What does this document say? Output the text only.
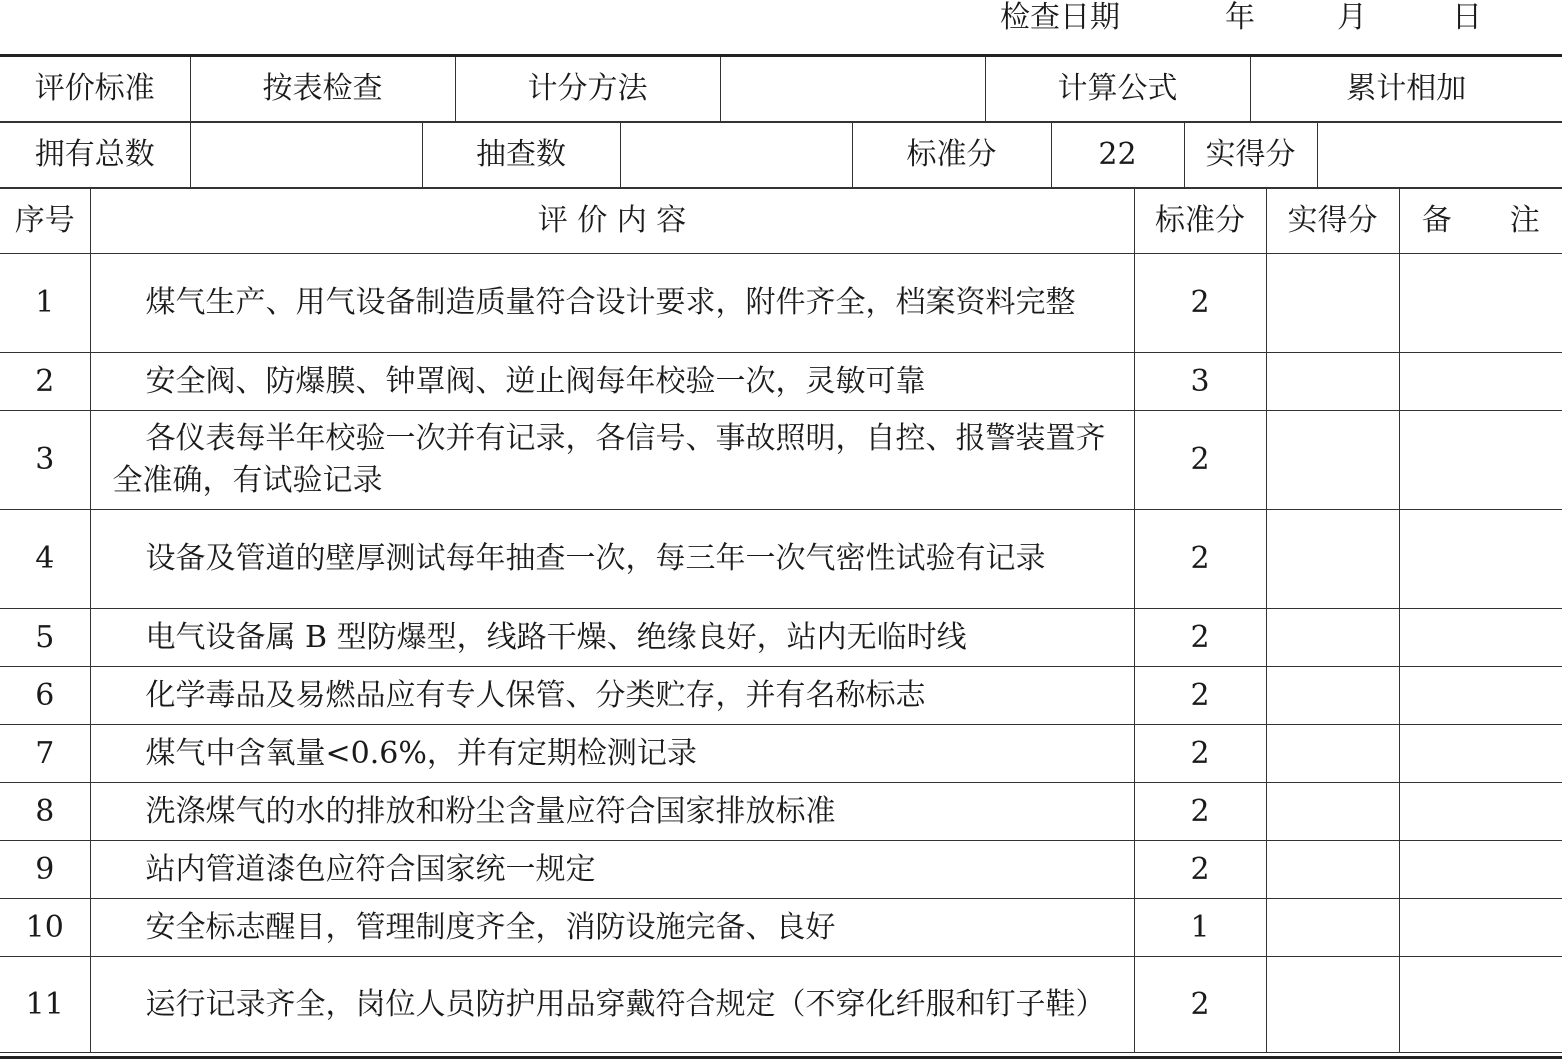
检查日期	年	月	日
评价标准	按表检查	计分方法		计算公式	累计相加
拥有总数		抽查数		标准分	22	实得分	
序号	评 价 内 容	标准分	实得分	备　注
1	煤气生产、用气设备制造质量符合设计要求，附件齐全，档案资料完整	2		
2	安全阀、防爆膜、钟罩阀、逆止阀每年校验一次，灵敏可靠	3		
3	各仪表每半年校验一次并有记录，各信号、事故照明，自控、报警装置齐全准确，有试验记录	2		
4	设备及管道的壁厚测试每年抽查一次，每三年一次气密性试验有记录	2		
5	电气设备属 B 型防爆型，线路干燥、绝缘良好，站内无临时线	2		
6	化学毒品及易燃品应有专人保管、分类贮存，并有名称标志	2		
7	煤气中含氧量<0.6%，并有定期检测记录	2		
8	洗涤煤气的水的排放和粉尘含量应符合国家排放标准	2		
9	站内管道漆色应符合国家统一规定	2		
10	安全标志醒目，管理制度齐全，消防设施完备、良好	1		
11	运行记录齐全，岗位人员防护用品穿戴符合规定（不穿化纤服和钉子鞋）	2		
